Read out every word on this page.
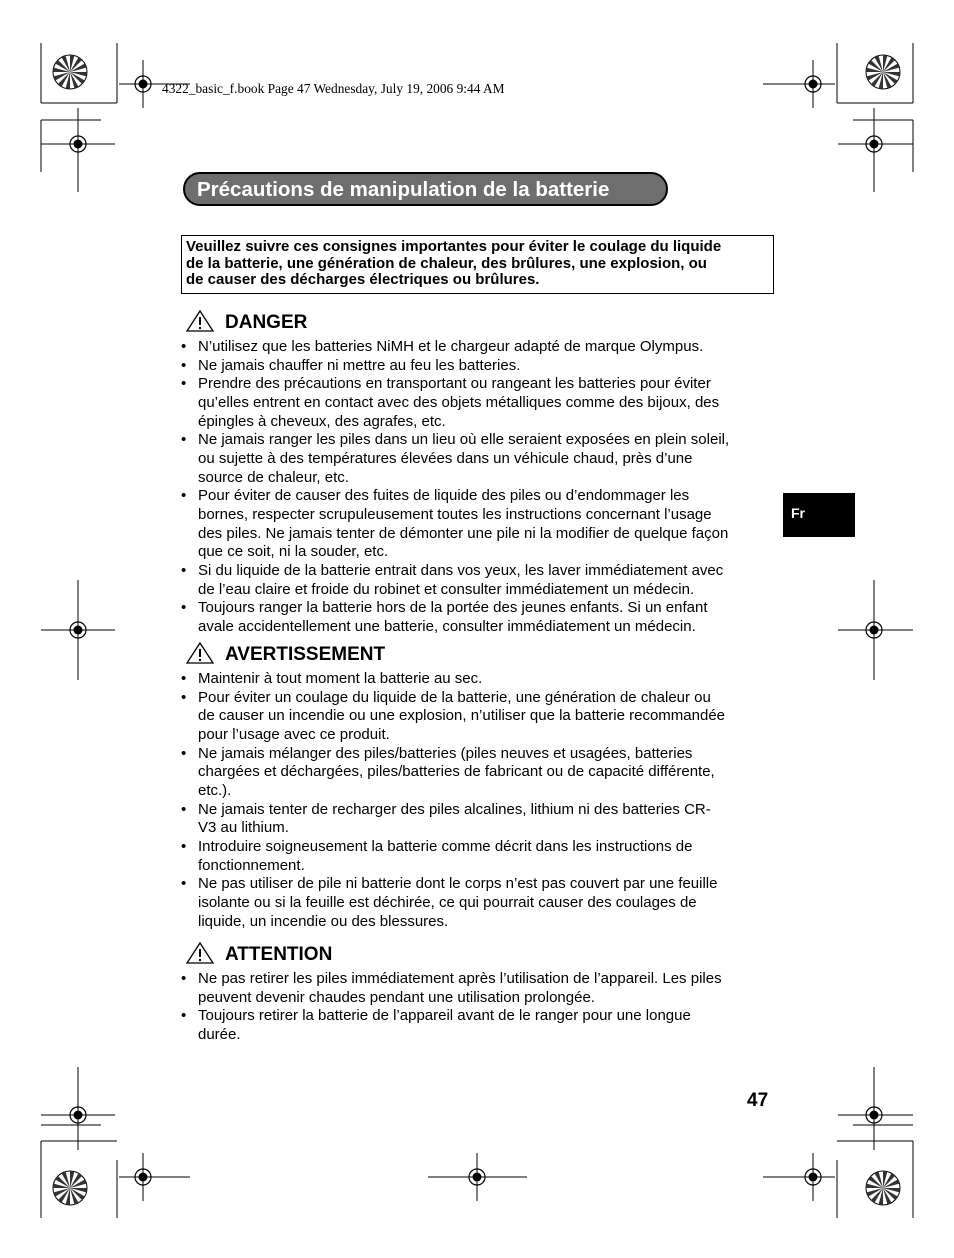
4322_basic_f.book Page 47 Wednesday, July 19, 2006 9:44 AM
Précautions de manipulation de la batterie
Veuillez suivre ces consignes importantes pour éviter le coulage du liquide
de la batterie, une génération de chaleur, des brûlures, une explosion, ou
de causer des décharges électriques ou brûlures.
DANGER
• N’utilisez que les batteries NiMH et le chargeur adapté de marque Olympus.
• Ne jamais chauffer ni mettre au feu les batteries.
• Prendre des précautions en transportant ou rangeant les batteries pour éviter
qu’elles entrent en contact avec des objets métalliques comme des bijoux, des
épingles à cheveux, des agrafes, etc.
• Ne jamais ranger les piles dans un lieu où elle seraient exposées en plein soleil,
ou sujette à des températures élevées dans un véhicule chaud, près d’une
source de chaleur, etc.
• Pour éviter de causer des fuites de liquide des piles ou d’endommager les
bornes, respecter scrupuleusement toutes les instructions concernant l’usage
des piles. Ne jamais tenter de démonter une pile ni la modifier de quelque façon
que ce soit, ni la souder, etc.
• Si du liquide de la batterie entrait dans vos yeux, les laver immédiatement avec
de l’eau claire et froide du robinet et consulter immédiatement un médecin.
• Toujours ranger la batterie hors de la portée des jeunes enfants. Si un enfant
avale accidentellement une batterie, consulter immédiatement un médecin.
AVERTISSEMENT
• Maintenir à tout moment la batterie au sec.
• Pour éviter un coulage du liquide de la batterie, une génération de chaleur ou
de causer un incendie ou une explosion, n’utiliser que la batterie recommandée
pour l’usage avec ce produit.
• Ne jamais mélanger des piles/batteries (piles neuves et usagées, batteries
chargées et déchargées, piles/batteries de fabricant ou de capacité différente,
etc.).
• Ne jamais tenter de recharger des piles alcalines, lithium ni des batteries CR-
V3 au lithium.
• Introduire soigneusement la batterie comme décrit dans les instructions de
fonctionnement.
• Ne pas utiliser de pile ni batterie dont le corps n’est pas couvert par une feuille
isolante ou si la feuille est déchirée, ce qui pourrait causer des coulages de
liquide, un incendie ou des blessures.
ATTENTION
• Ne pas retirer les piles immédiatement après l’utilisation de l’appareil. Les piles
peuvent devenir chaudes pendant une utilisation prolongée.
• Toujours retirer la batterie de l’appareil avant de le ranger pour une longue
durée.
Fr
47
